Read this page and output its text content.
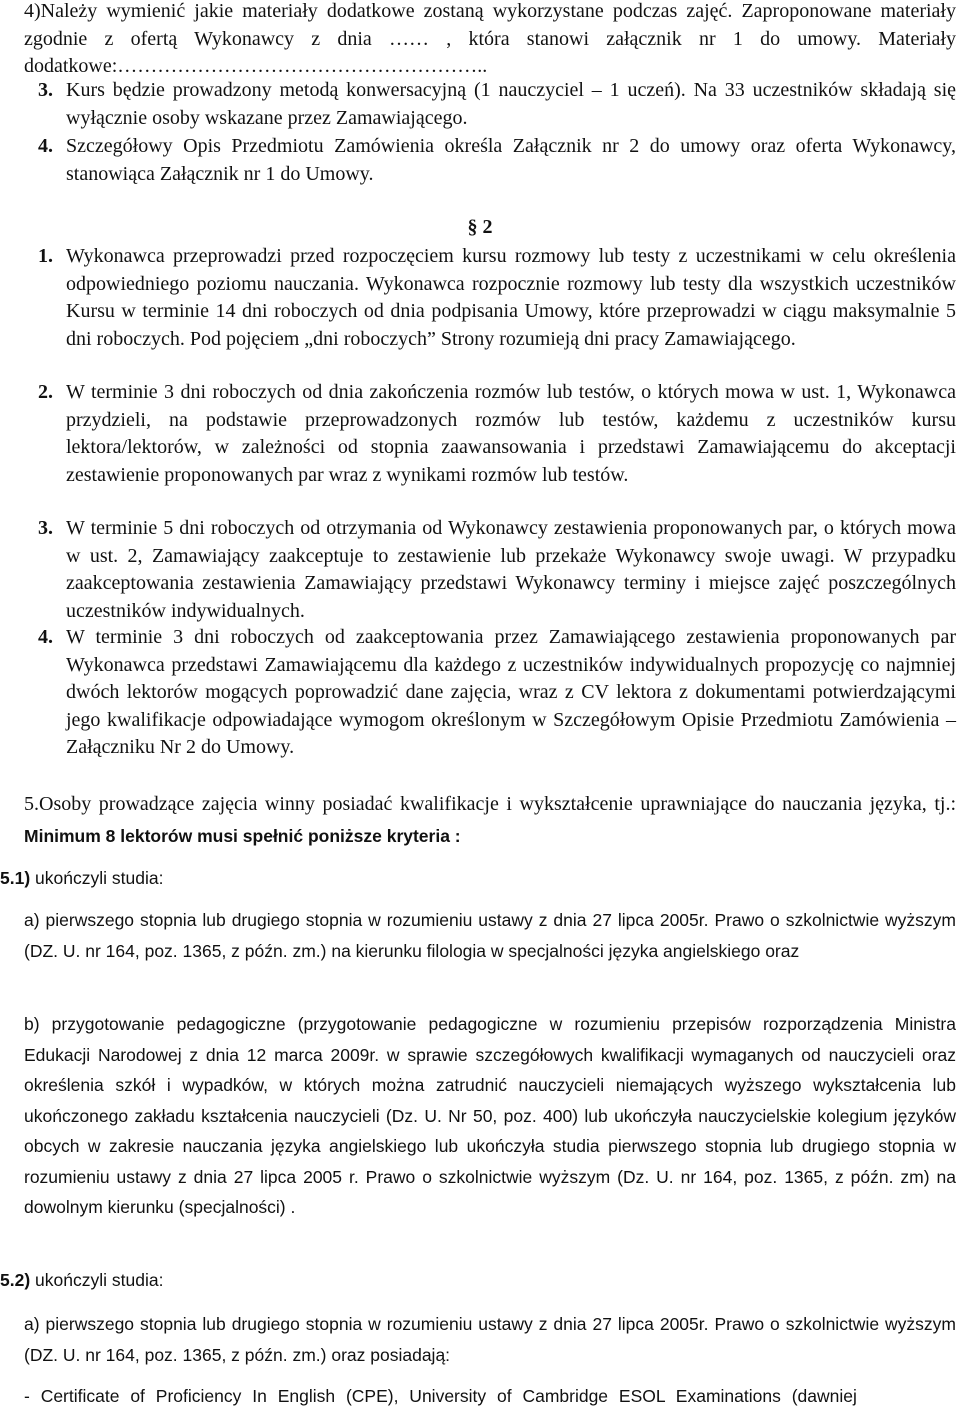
4)Należy wymienić jakie materiały dodatkowe zostaną wykorzystane podczas zajęć. Zaproponowane materiały zgodnie z ofertą Wykonawcy z dnia …… , która stanowi załącznik nr 1 do umowy. Materiały dodatkowe:………………………………………………..

3. Kurs będzie prowadzony metodą konwersacyjną (1 nauczyciel – 1 uczeń). Na 33 uczestników składają się wyłącznie osoby wskazane przez Zamawiającego.
4. Szczegółowy Opis Przedmiotu Zamówienia określa Załącznik nr 2 do umowy oraz oferta Wykonawcy, stanowiąca Załącznik nr 1 do Umowy.
§ 2
1. Wykonawca przeprowadzi przed rozpoczęciem kursu rozmowy lub testy z uczestnikami w celu określenia odpowiedniego poziomu nauczania. Wykonawca rozpocznie rozmowy lub testy dla wszystkich uczestników Kursu w terminie 14 dni roboczych od dnia podpisania Umowy, które przeprowadzi w ciągu maksymalnie 5 dni roboczych. Pod pojęciem „dni roboczych” Strony rozumieją dni pracy Zamawiającego.
2. W terminie 3 dni roboczych od dnia zakończenia rozmów lub testów, o których mowa w ust. 1, Wykonawca przydzieli, na podstawie przeprowadzonych rozmów lub testów, każdemu z uczestników kursu lektora/lektorów, w zależności od stopnia zaawansowania i przedstawi Zamawiającemu do akceptacji zestawienie proponowanych par wraz z wynikami rozmów lub testów.
3. W terminie 5 dni roboczych od otrzymania od Wykonawcy zestawienia proponowanych par, o których mowa w ust. 2, Zamawiający zaakceptuje to zestawienie lub przekaże Wykonawcy swoje uwagi. W przypadku zaakceptowania zestawienia Zamawiający przedstawi Wykonawcy terminy i miejsce zajęć poszczególnych uczestników indywidualnych.
4. W terminie 3 dni roboczych od zaakceptowania przez Zamawiającego zestawienia proponowanych par Wykonawca przedstawi Zamawiającemu dla każdego z uczestników indywidualnych propozycję co najmniej dwóch lektorów mogących poprowadzić dane zajęcia, wraz z CV lektora z dokumentami potwierdzającymi jego kwalifikacje odpowiadające wymogom określonym w Szczegółowym Opisie Przedmiotu Zamówienia – Załączniku Nr 2 do Umowy.
5.Osoby prowadzące zajęcia winny posiadać kwalifikacje i wykształcenie uprawniające do nauczania języka, tj.: Minimum 8 lektorów musi spełnić poniższe kryteria :
5.1) ukończyli studia:

a) pierwszego stopnia lub drugiego stopnia w rozumieniu ustawy z dnia 27 lipca 2005r. Prawo o szkolnictwie wyższym (DZ. U. nr 164, poz. 1365, z późn. zm.) na kierunku filologia w specjalności języka angielskiego oraz

b) przygotowanie pedagogiczne (przygotowanie pedagogiczne w rozumieniu przepisów rozporządzenia Ministra Edukacji Narodowej z dnia 12 marca 2009r. w sprawie szczegółowych kwalifikacji wymaganych od nauczycieli oraz określenia szkół i wypadków, w których można zatrudnić nauczycieli niemających wyższego wykształcenia lub ukończonego zakładu kształcenia nauczycieli (Dz. U. Nr 50, poz. 400) lub ukończyła nauczycielskie kolegium języków obcych w zakresie nauczania języka angielskiego lub ukończyła studia pierwszego stopnia lub drugiego stopnia w rozumieniu ustawy z dnia 27 lipca 2005 r. Prawo o szkolnictwie wyższym (Dz. U. nr 164, poz. 1365, z późn. zm) na dowolnym kierunku (specjalności) .

5.2) ukończyli studia:

a) pierwszego stopnia lub drugiego stopnia w rozumieniu ustawy z dnia 27 lipca 2005r. Prawo o szkolnictwie wyższym (DZ. U. nr 164, poz. 1365, z późn. zm.) oraz posiadają:

- Certificate of Proficiency In English (CPE), University of Cambridge ESOL Examinations (dawniej
